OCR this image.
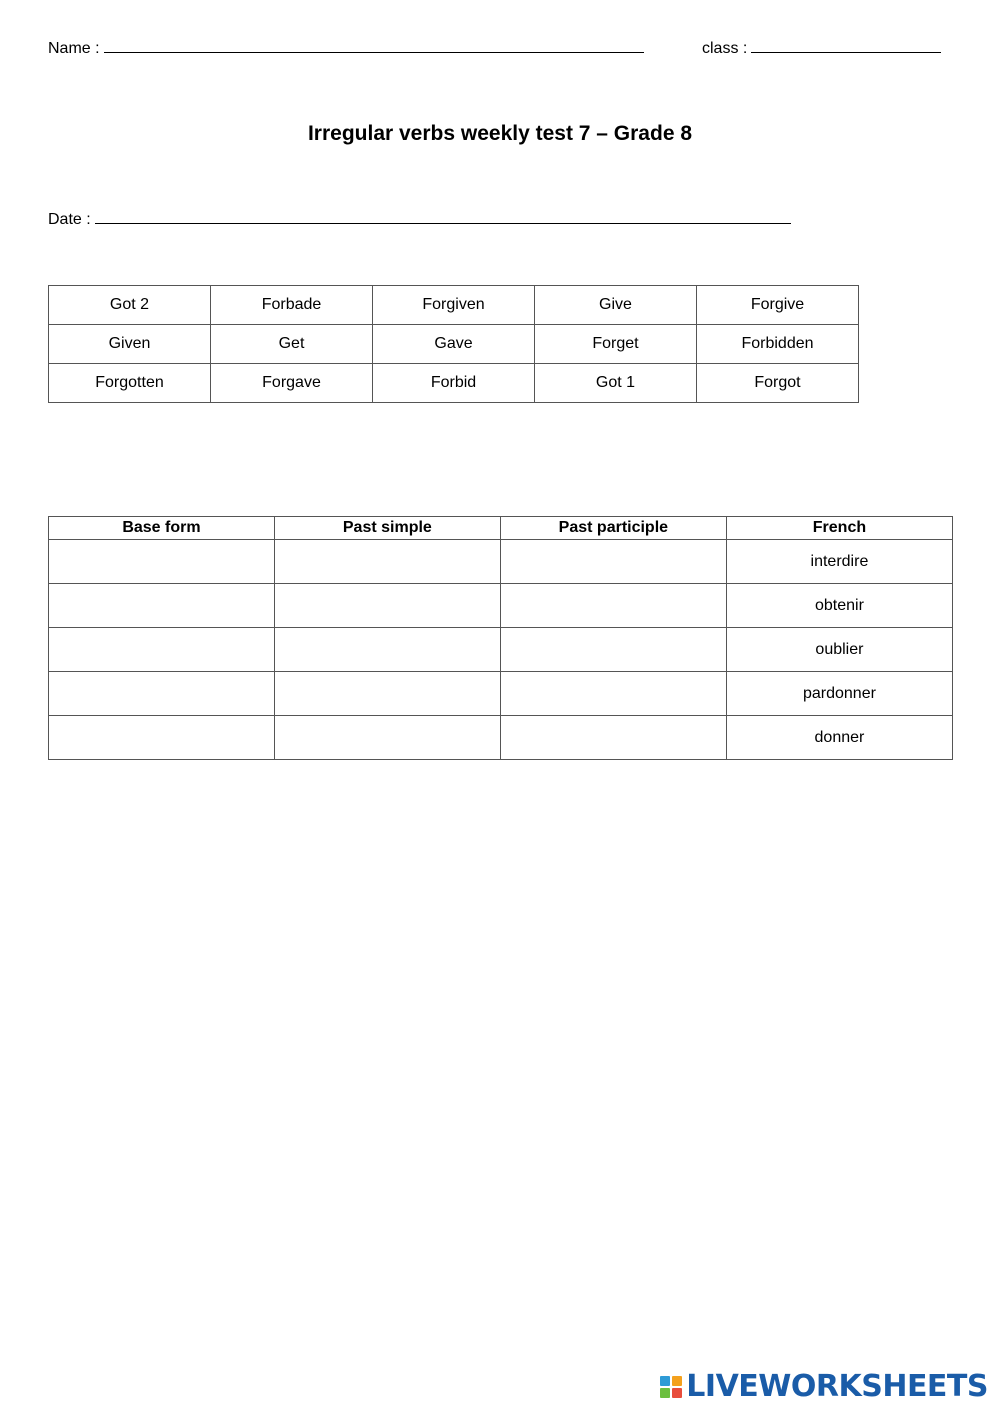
Name :	class :
Irregular verbs weekly test 7 – Grade 8
Date :
Got 2	Forbade	Forgiven	Give	Forgive
Given	Get	Gave	Forget	Forbidden
Forgotten	Forgave	Forbid	Got 1	Forgot
Base form	Past simple	Past participle	French
			interdire
			obtenir
			oublier
			pardonner
			donner
LIVEWORKSHEETS
